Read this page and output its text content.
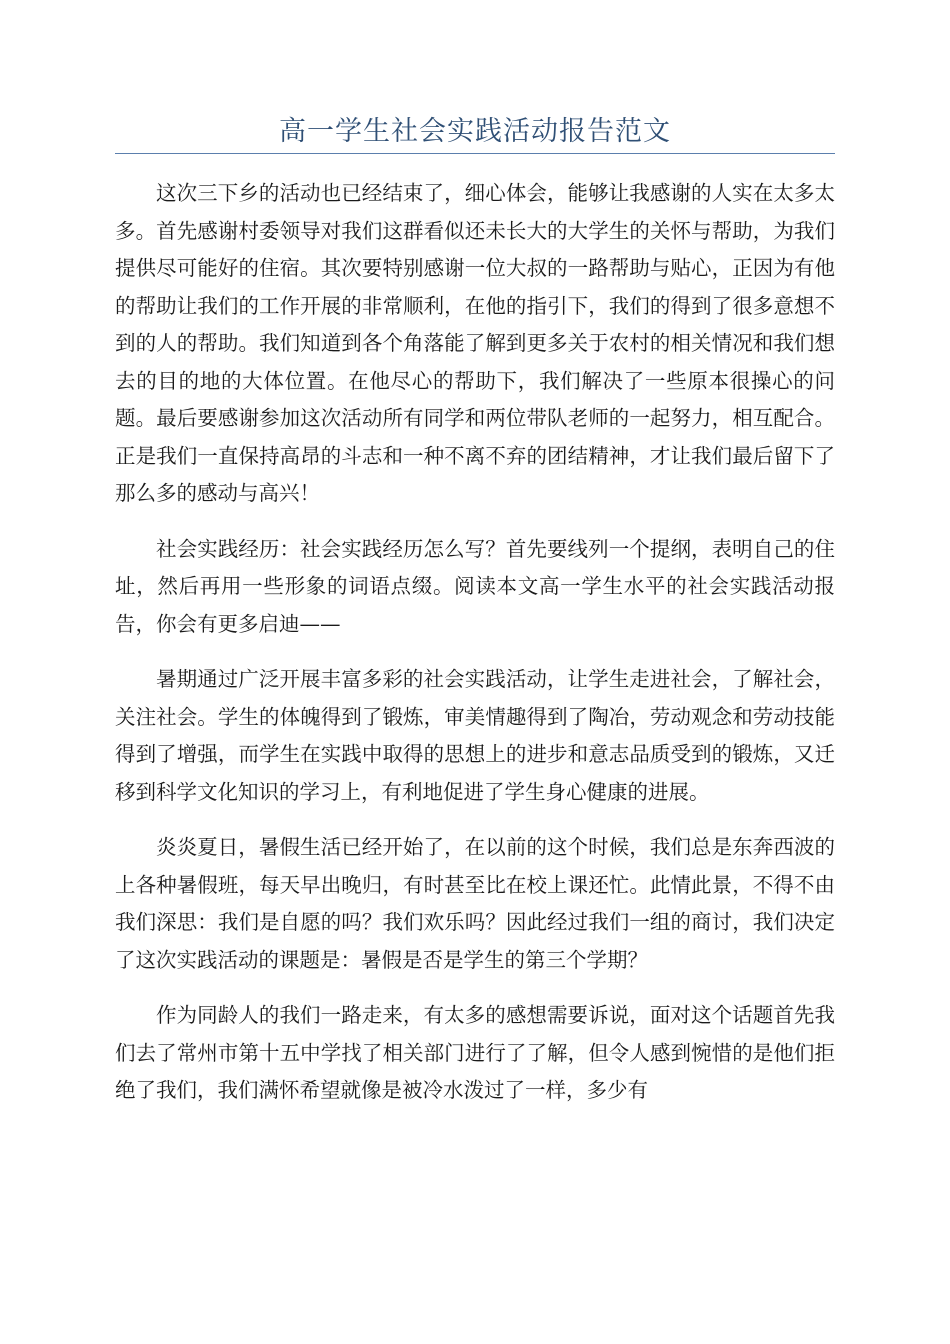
高一学生社会实践活动报告范文

这次三下乡的活动也已经结束了，细心体会，能够让我感谢的人实在太多太多。首先感谢村委领导对我们这群看似还未长大的大学生的关怀与帮助，为我们提供尽可能好的住宿。其次要特别感谢一位大叔的一路帮助与贴心，正因为有他的帮助让我们的工作开展的非常顺利，在他的指引下，我们的得到了很多意想不到的人的帮助。我们知道到各个角落能了解到更多关于农村的相关情况和我们想去的目的地的大体位置。在他尽心的帮助下，我们解决了一些原本很操心的问题。最后要感谢参加这次活动所有同学和两位带队老师的一起努力，相互配合。正是我们一直保持高昂的斗志和一种不离不弃的团结精神，才让我们最后留下了那么多的感动与高兴！

社会实践经历：社会实践经历怎么写？首先要线列一个提纲，表明自己的住址，然后再用一些形象的词语点缀。阅读本文高一学生水平的社会实践活动报告，你会有更多启迪——

暑期通过广泛开展丰富多彩的社会实践活动，让学生走进社会，了解社会，关注社会。学生的体魄得到了锻炼，审美情趣得到了陶冶，劳动观念和劳动技能得到了增强，而学生在实践中取得的思想上的进步和意志品质受到的锻炼，又迁移到科学文化知识的学习上，有利地促进了学生身心健康的进展。

炎炎夏日，暑假生活已经开始了，在以前的这个时候，我们总是东奔西波的上各种暑假班，每天早出晚归，有时甚至比在校上课还忙。此情此景，不得不由我们深思：我们是自愿的吗？我们欢乐吗？因此经过我们一组的商讨，我们决定了这次实践活动的课题是：暑假是否是学生的第三个学期？

作为同龄人的我们一路走来，有太多的感想需要诉说，面对这个话题首先我们去了常州市第十五中学找了相关部门进行了了解，但令人感到惋惜的是他们拒绝了我们，我们满怀希望就像是被冷水泼过了一样，多少有
